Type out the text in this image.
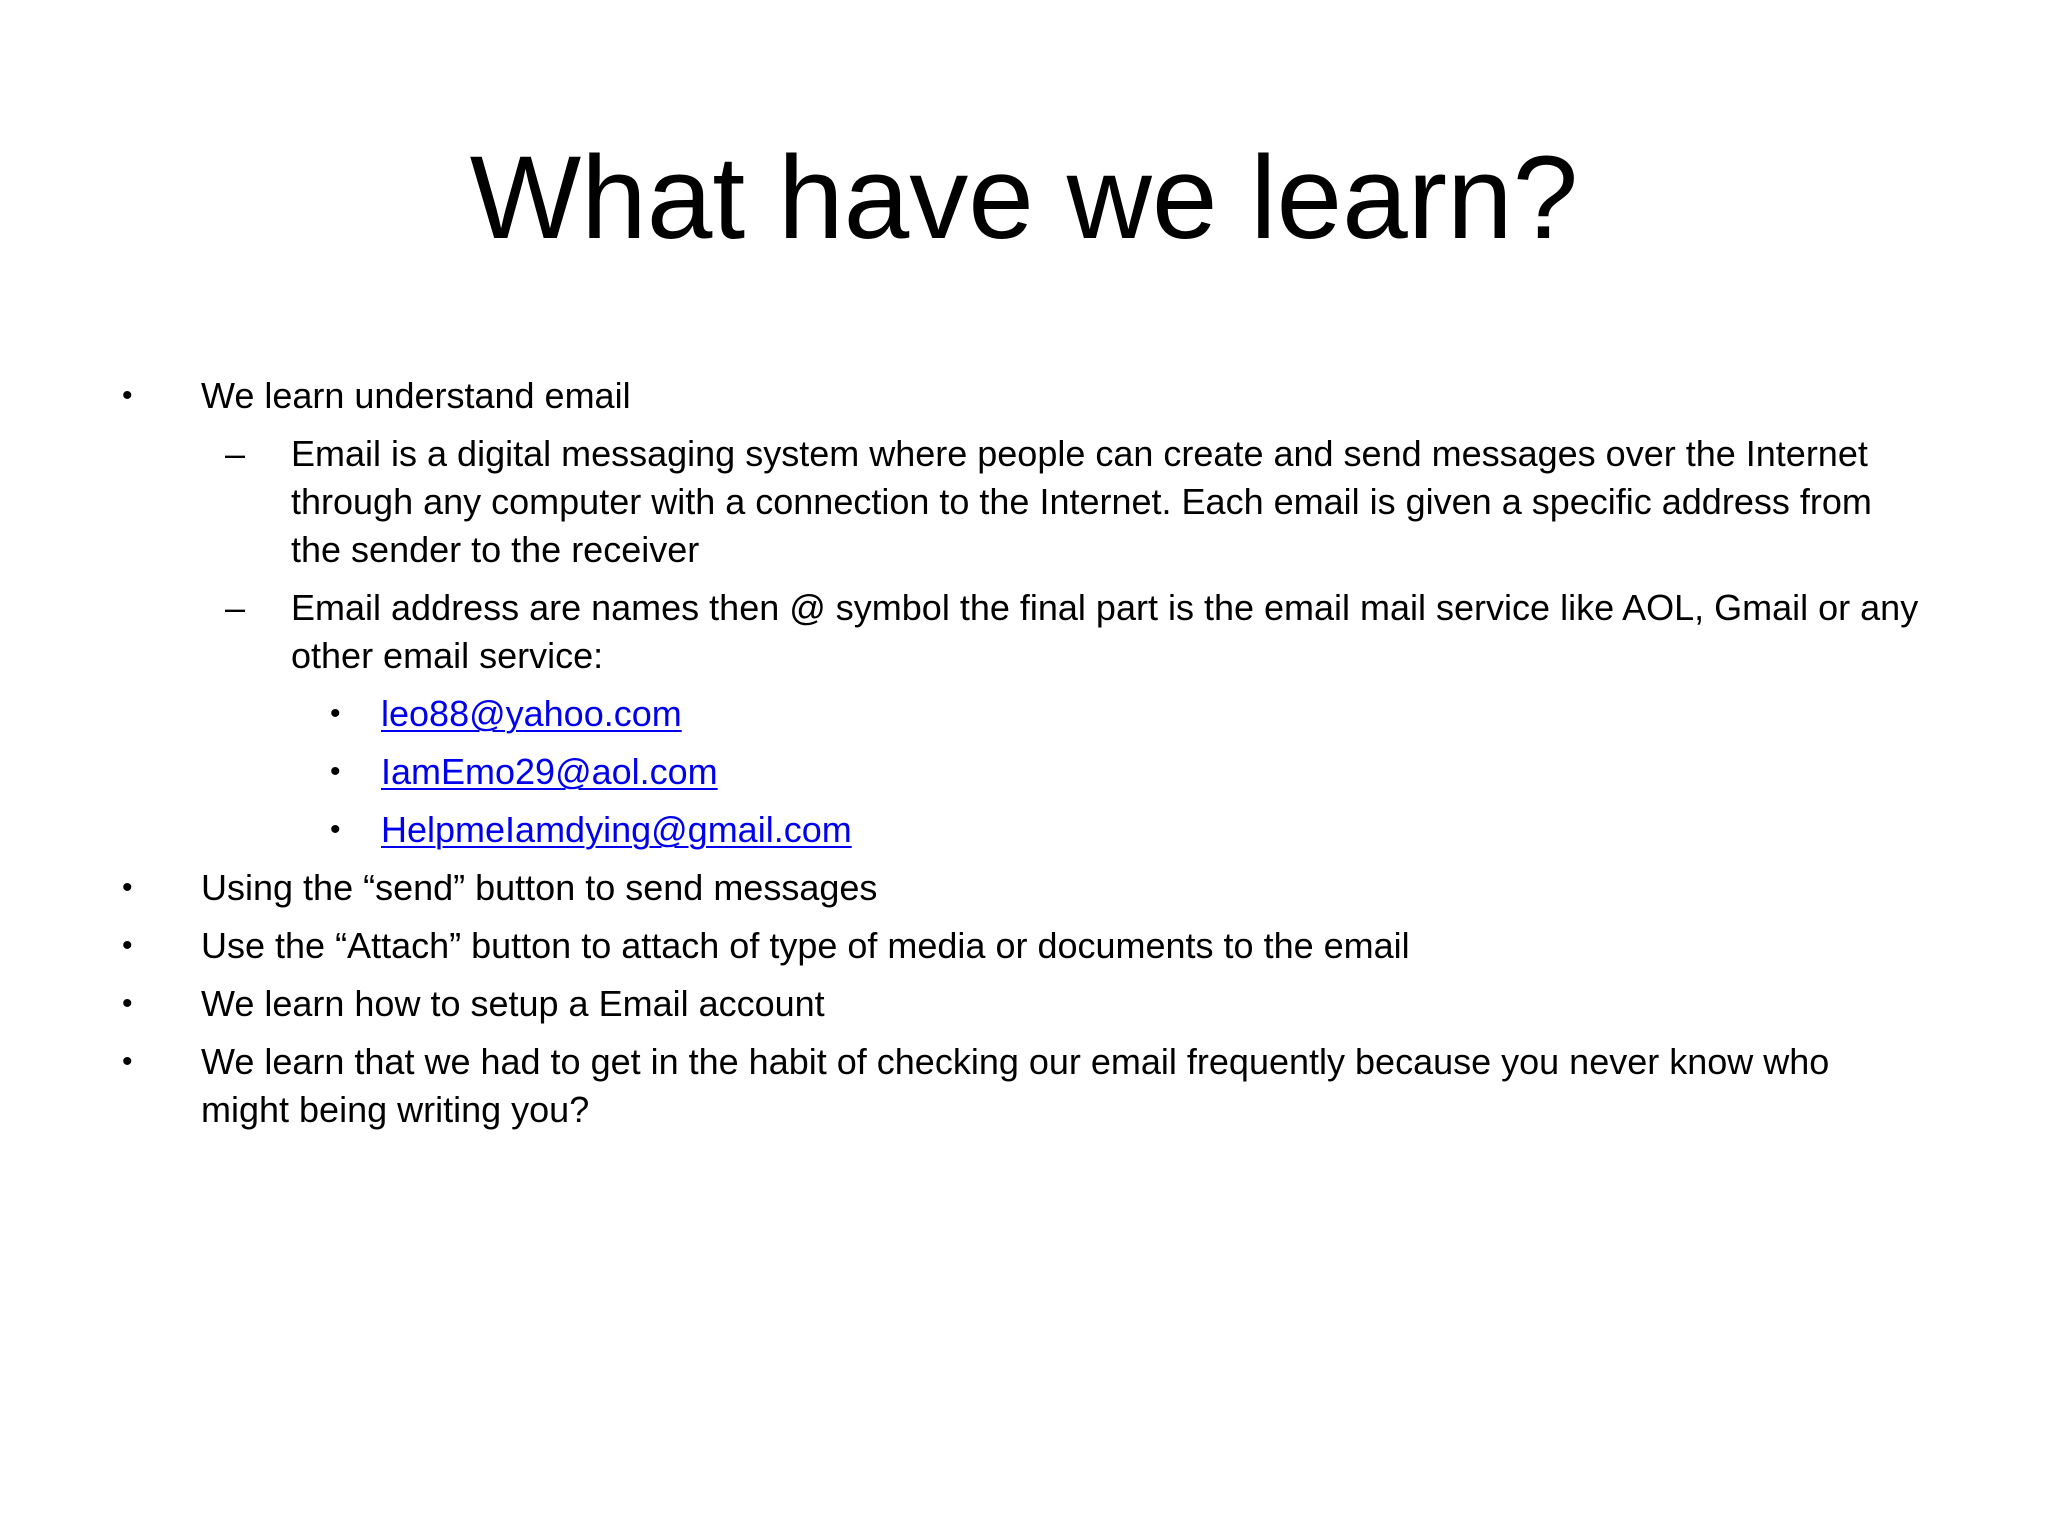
What have we learn?
• We learn understand email
– Email is a digital messaging system where people can create and send messages over the Internet
through any computer with a connection to the Internet. Each email is given a specific address from
the sender to the receiver
– Email address are names then @ symbol the final part is the email mail service like AOL, Gmail or any
other email service:
• leo88@yahoo.com
• IamEmo29@aol.com
• HelpmeIamdying@gmail.com
• Using the “send” button to send messages
• Use the “Attach” button to attach of type of media or documents to the email
• We learn how to setup a Email account
• We learn that we had to get in the habit of checking our email frequently because you never know who
might being writing you?
